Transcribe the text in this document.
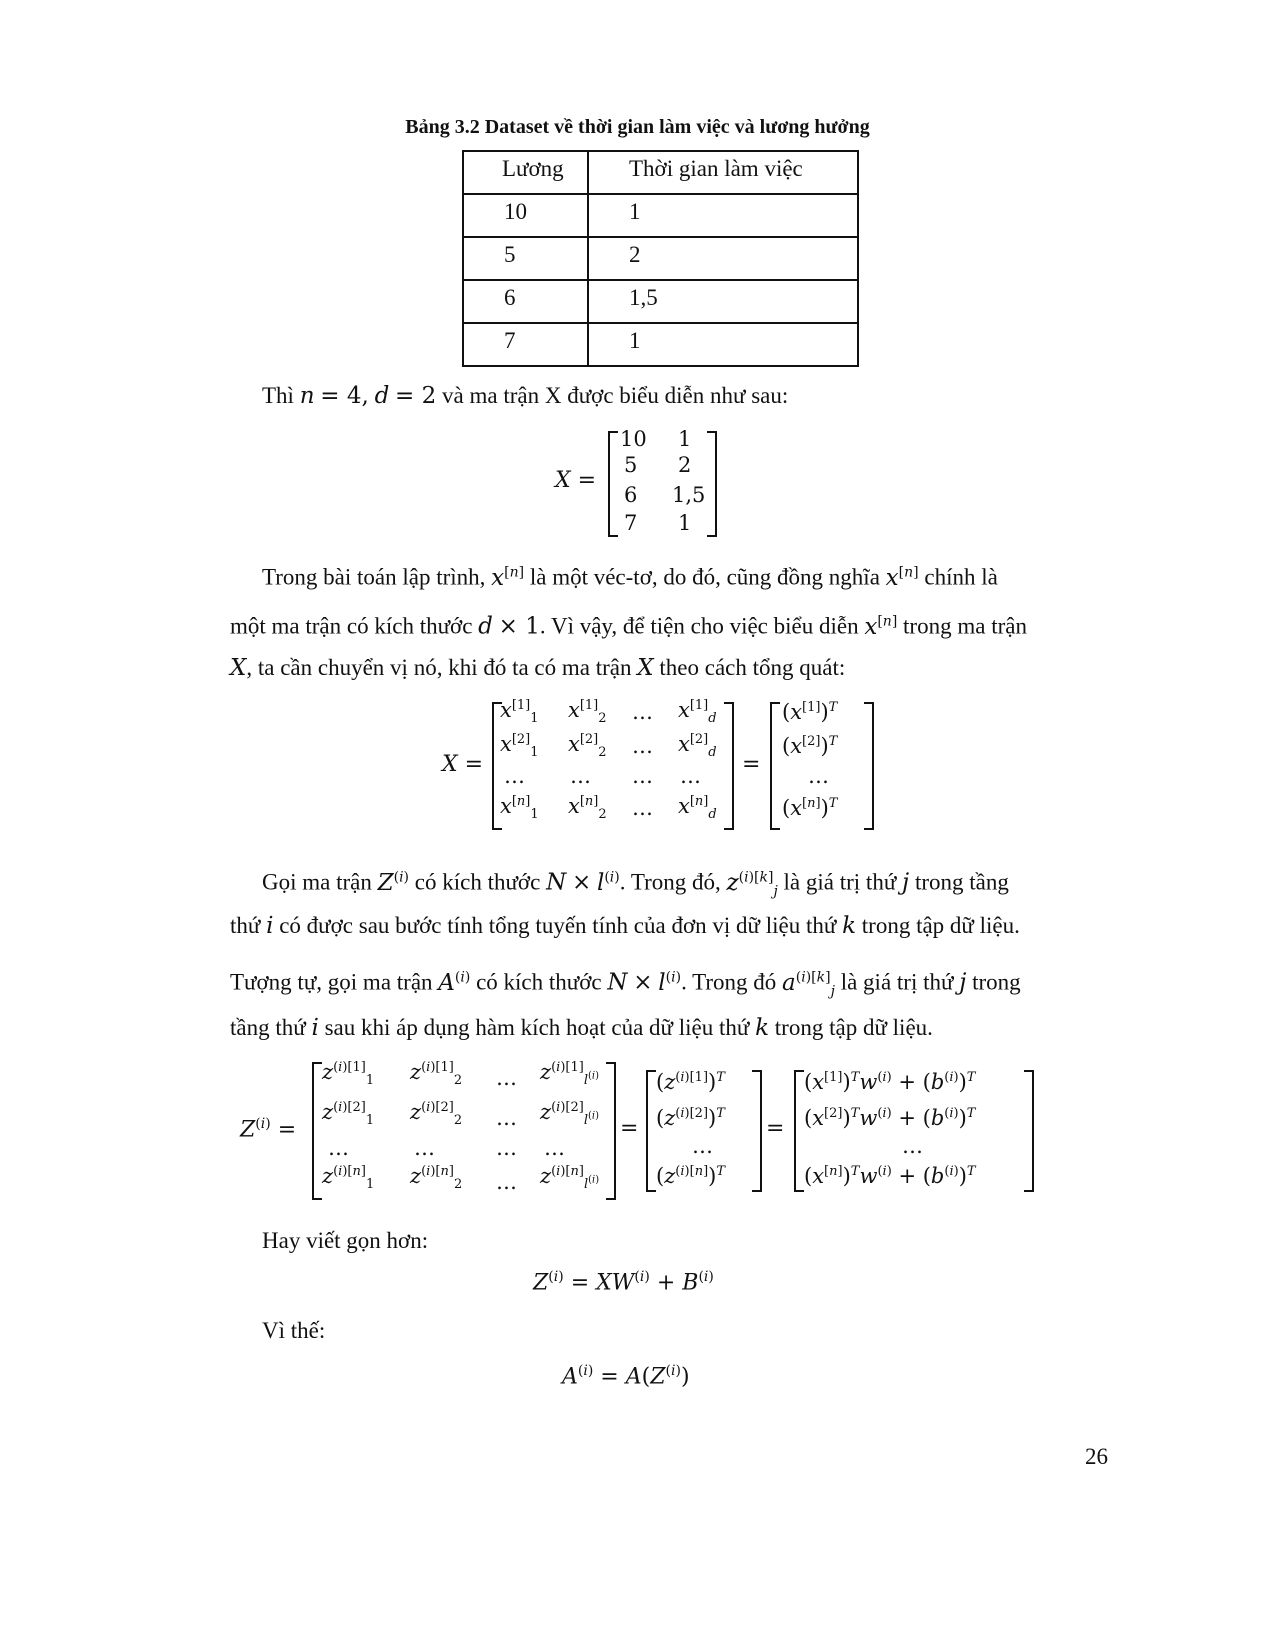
Bảng 3.2 Dataset về thời gian làm việc và lương hưởng
Lương	Thời gian làm việc
10	1
5	2
6	1,5
7	1
Thì n = 4, d = 2 và ma trận X được biểu diễn như sau:
X =
10 1
5 2
6 1,5
7 1
Trong bài toán lập trình, x[n] là một véc-tơ, do đó, cũng đồng nghĩa x[n] chính là
một ma trận có kích thước d × 1. Vì vậy, để tiện cho việc biểu diễn x[n] trong ma trận
X, ta cần chuyển vị nó, khi đó ta có ma trận X theo cách tổng quát:
X =
$x[1]_1$ $x[1]_2$ … $x[1]_d$
$x[2]_1$ $x[2]_2$ … $x[2]_d$
… … … …
$x[n]_1$ $x[n]_2$ … $x[n]_d$
=
$(x[1])^T$
$(x[2])^T$
…
$(x[n])^T$
Gọi ma trận $Z^{(i)}$ có kích thước $N \times l^{(i)}$. Trong đó, $z^{(i)[k]}_j$ là giá trị thứ j trong tầng
thứ i có được sau bước tính tổng tuyến tính của đơn vị dữ liệu thứ k trong tập dữ liệu.
Tượng tự, gọi ma trận $A^{(i)}$ có kích thước $N \times l^{(i)}$. Trong đó $a^{(i)[k]}_j$ là giá trị thứ j trong
tầng thứ i sau khi áp dụng hàm kích hoạt của dữ liệu thứ k trong tập dữ liệu.
$Z^{(i)}$ =
$z^{(i)[1]}_1$ $z^{(i)[1]}_2$ … $z^{(i)[1]}_{l^{(i)}}$
$z^{(i)[2]}_1$ $z^{(i)[2]}_2$ … $z^{(i)[2]}_{l^{(i)}}$
…	…	… …
$z^{(i)[n]}_1$ $z^{(i)[n]}_2$ … $z^{(i)[n]}_{l^{(i)}}$
=
$(z^{(i)[1]})^T$
$(z^{(i)[2]})^T$
…
$(z^{(i)[n]})^T$
=
$(x[1])^Tw^{(i)} + (b^{(i)})^T$
$(x[2])^Tw^{(i)} + (b^{(i)})^T$
…
$(x[n])^Tw^{(i)} + (b^{(i)})^T$
Hay viết gọn hơn:
$Z^{(i)} = XW^{(i)} + B^{(i)}$
Vì thế:
$A^{(i)} = A(Z^{(i)})$
26
